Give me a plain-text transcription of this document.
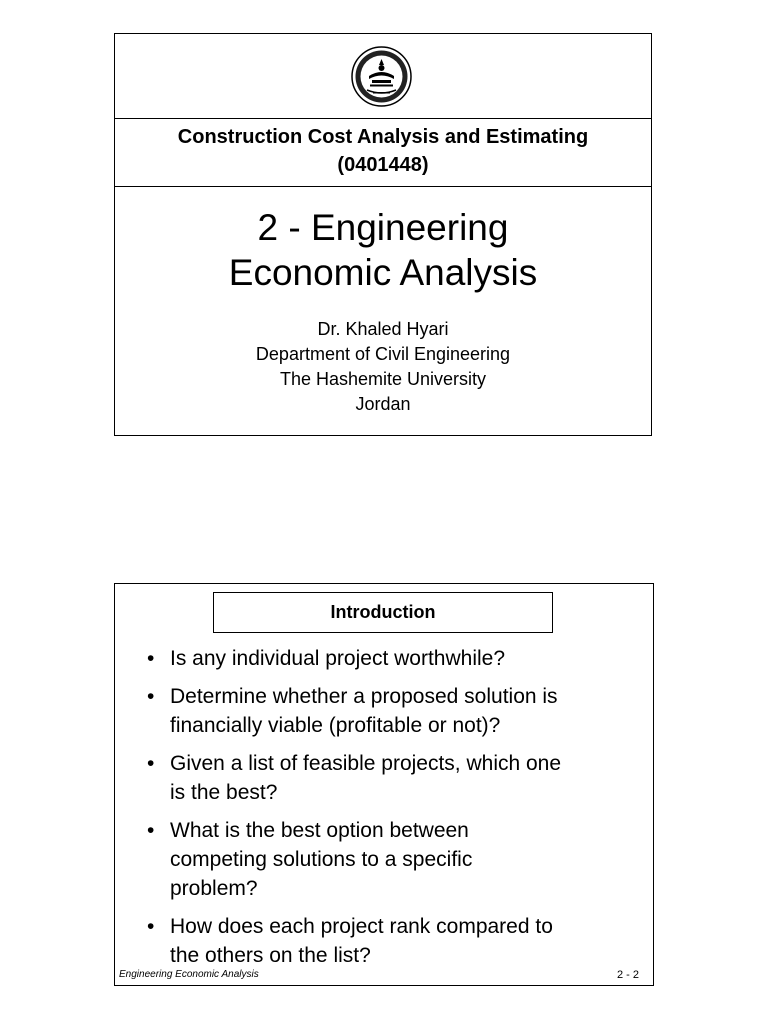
Construction Cost Analysis and Estimating
(0401448)
2 - Engineering
Economic Analysis
Dr. Khaled Hyari
Department of Civil Engineering
The Hashemite University
Jordan
Introduction
• Is any individual project worthwhile?
• Determine whether a proposed solution is
financially viable (profitable or not)?
• Given a list of feasible projects, which one
is the best?
• What is the best option between
competing solutions to a specific
problem?
• How does each project rank compared to
the others on the list?
Engineering Economic Analysis	2 - 2
